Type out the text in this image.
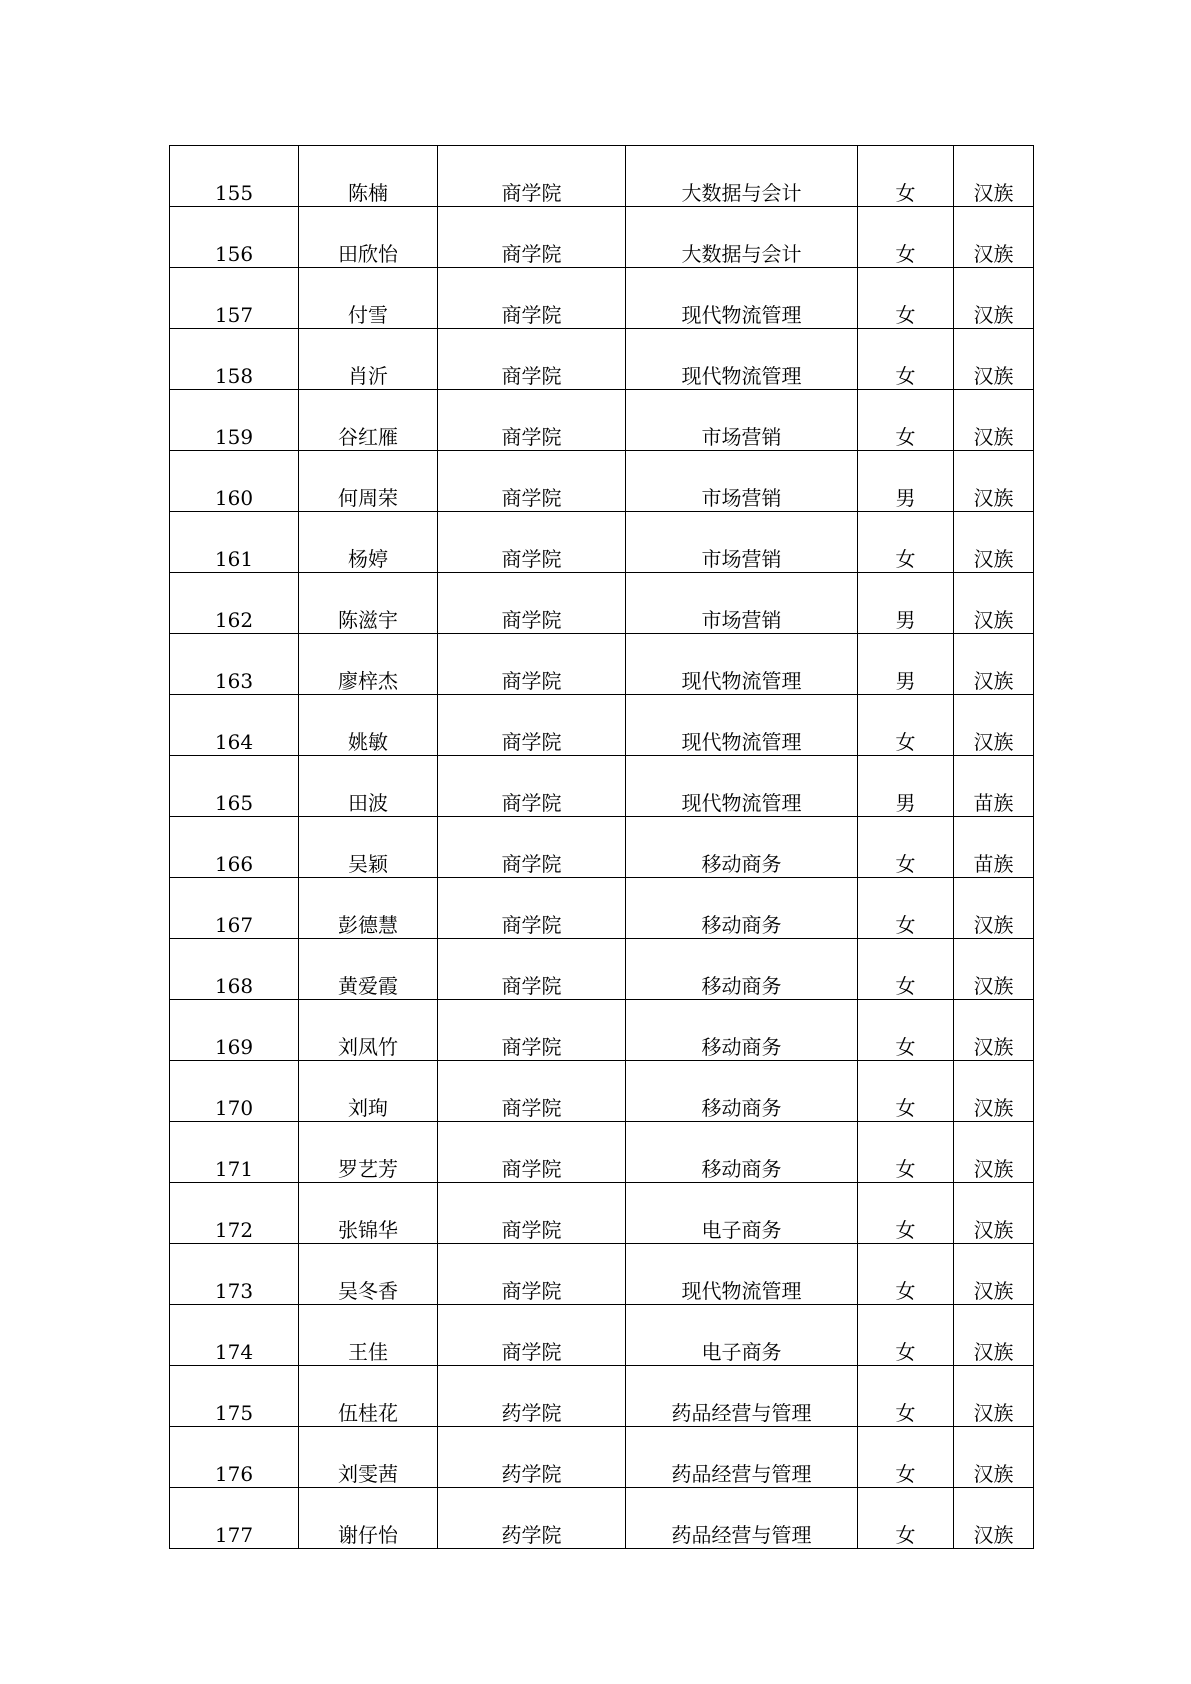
155	陈楠	商学院	大数据与会计	女	汉族
156	田欣怡	商学院	大数据与会计	女	汉族
157	付雪	商学院	现代物流管理	女	汉族
158	肖沂	商学院	现代物流管理	女	汉族
159	谷红雁	商学院	市场营销	女	汉族
160	何周荣	商学院	市场营销	男	汉族
161	杨婷	商学院	市场营销	女	汉族
162	陈滋宇	商学院	市场营销	男	汉族
163	廖梓杰	商学院	现代物流管理	男	汉族
164	姚敏	商学院	现代物流管理	女	汉族
165	田波	商学院	现代物流管理	男	苗族
166	吴颖	商学院	移动商务	女	苗族
167	彭德慧	商学院	移动商务	女	汉族
168	黄爱霞	商学院	移动商务	女	汉族
169	刘凤竹	商学院	移动商务	女	汉族
170	刘珣	商学院	移动商务	女	汉族
171	罗艺芳	商学院	移动商务	女	汉族
172	张锦华	商学院	电子商务	女	汉族
173	吴冬香	商学院	现代物流管理	女	汉族
174	王佳	商学院	电子商务	女	汉族
175	伍桂花	药学院	药品经营与管理	女	汉族
176	刘雯茜	药学院	药品经营与管理	女	汉族
177	谢仔怡	药学院	药品经营与管理	女	汉族
